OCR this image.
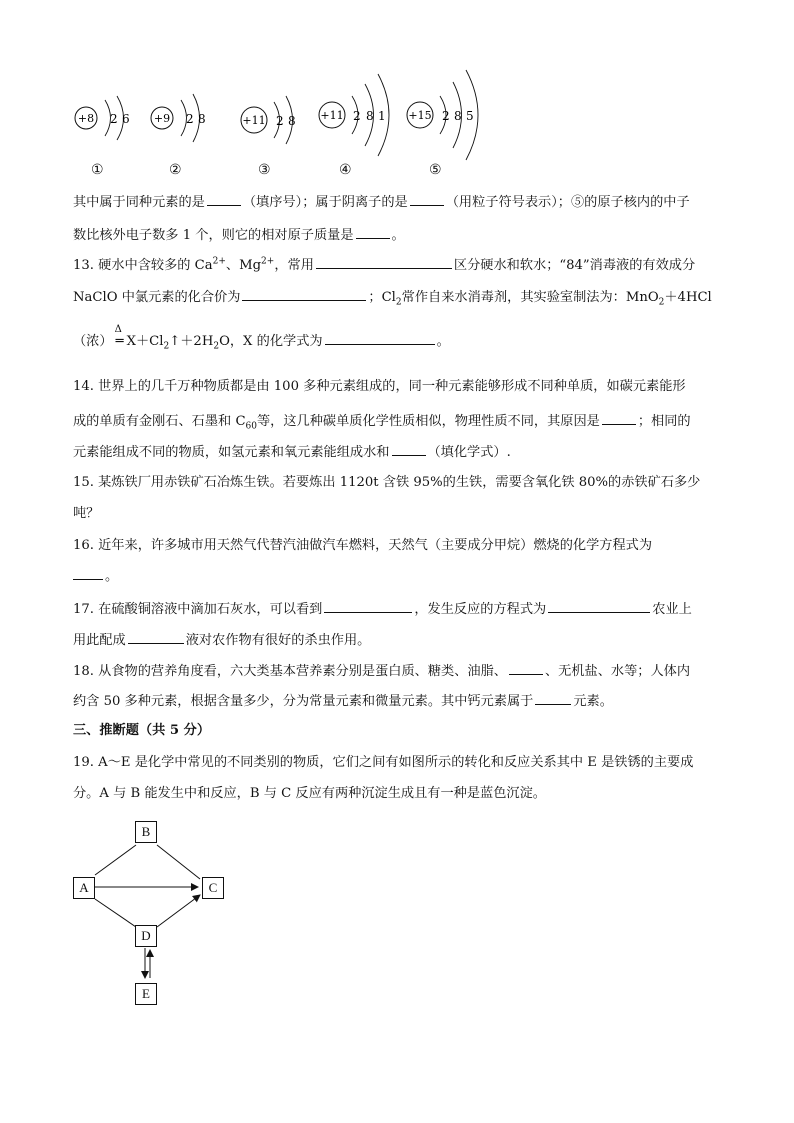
+8 2 6 +9 2 8	+11 2 8 +11 2 8 1 +15 2 8 5
①	②	③	④	⑤
其中属于同种元素的是	（填序号）；属于阴离子的是	（用粒子符号表示）；⑤的原子核内的中子
数比核外电子数多 1 个，则它的相对原子质量是	。
13. 硬水中含较多的 $Ca^{2+}$、$Mg^{2+}$，常用	区分硬水和软水；“84”消毒液的有效成分
NaClO 中氯元素的化合价为	；$Cl_2$常作自来水消毒剂，其实验室制法为：MnO$_2$＋4HCl
（浓）
Δ
═ $X+Cl_2↑+2H_2O$，X 的化学式为	。
14. 世界上的几千万种物质都是由 100 多种元素组成的，同一种元素能够形成不同种单质，如碳元素能形
成的单质有金刚石、石墨和 $C_{60}$等，这几种碳单质化学性质相似，物理性质不同，其原因是	；相同的
元素能组成不同的物质，如氢元素和氧元素能组成水和	（填化学式）.
15. 某炼铁厂用赤铁矿石冶炼生铁。若要炼出 1120t 含铁 95%的生铁，需要含氧化铁 80%的赤铁矿石多少
吨？
16. 近年来，许多城市用天然气代替汽油做汽车燃料，天然气（主要成分甲烷）燃烧的化学方程式为
。
17. 在硫酸铜溶液中滴加石灰水，可以看到	，发生反应的方程式为	农业上
用此配成	液对农作物有很好的杀虫作用。
18. 从食物的营养角度看，六大类基本营养素分别是蛋白质、糖类、油脂、	、无机盐、水等；人体内
约含 50 多种元素，根据含量多少，分为常量元素和微量元素。其中钙元素属于	元素。
三、推断题（共 5 分）
19. A～E 是化学中常见的不同类别的物质，它们之间有如图所示的转化和反应关系其中 E 是铁锈的主要成
分。A 与 B 能发生中和反应，B 与 C 反应有两种沉淀生成且有一种是蓝色沉淀。
B
A	C
D
E
